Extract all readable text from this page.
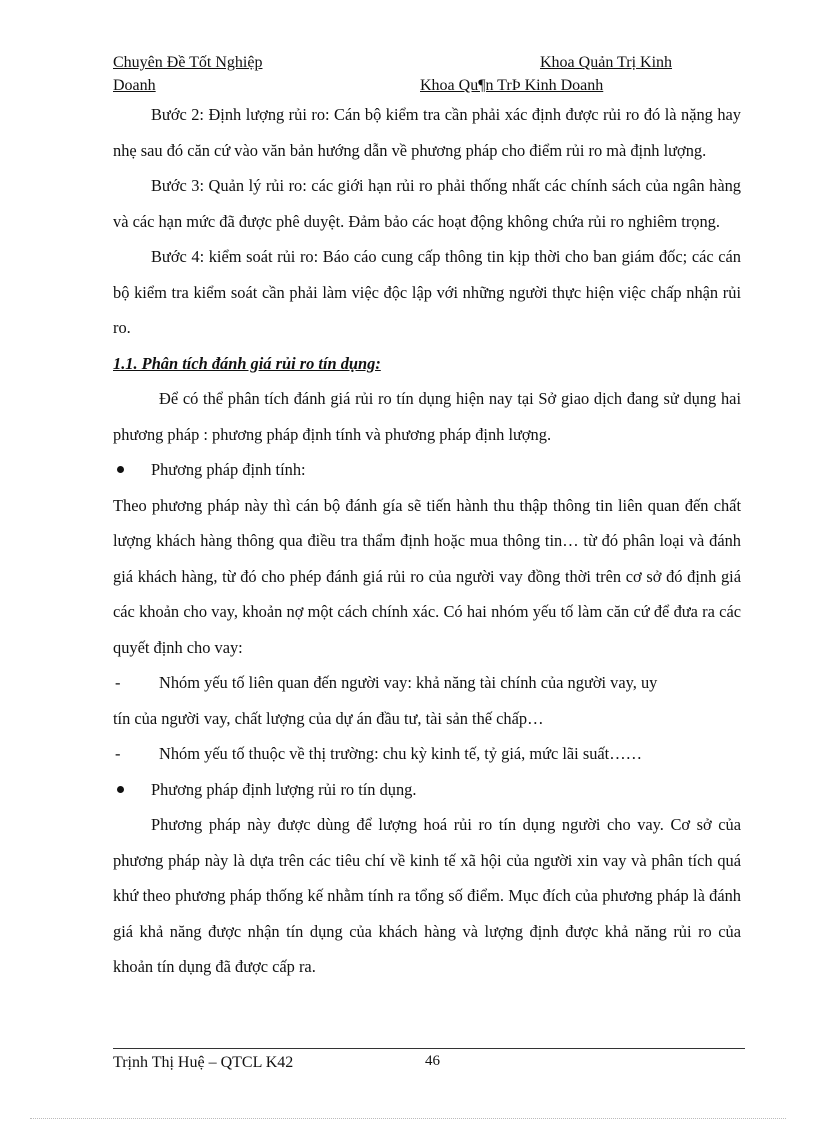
Chuyên Đề Tốt Nghiệp	Khoa Quản Trị Kinh
Doanh	Khoa Qu¶n TrÞ Kinh Doanh

Bước 2: Định lượng rủi ro: Cán bộ kiểm tra cần phải xác định được rủi ro đó là nặng hay nhẹ sau đó căn cứ vào văn bản hướng dẫn về phương pháp cho điểm rủi ro mà định lượng.

Bước 3: Quản lý rủi ro: các giới hạn rủi ro phải thống nhất các chính sách của ngân hàng và các hạn mức đã được phê duyệt. Đảm bảo các hoạt động không chứa rủi ro nghiêm trọng.

Bước 4: kiểm soát rủi ro: Báo cáo cung cấp thông tin kịp thời cho ban giám đốc; các cán bộ kiểm tra kiểm soát cần phải làm việc độc lập với những người thực hiện việc chấp nhận rủi ro.

1.1. Phân tích đánh giá rủi ro tín dụng:

Để có thể phân tích đánh giá rủi ro tín dụng hiện nay tại Sở giao dịch đang sử dụng hai phương pháp : phương pháp định tính và phương pháp định lượng.

Phương pháp định tính:

Theo phương pháp này thì cán bộ đánh gía sẽ tiến hành thu thập thông tin liên quan đến chất lượng khách hàng thông qua điều tra thẩm định hoặc mua thông tin… từ đó phân loại và đánh giá khách hàng, từ đó cho phép đánh giá rủi ro của người vay đồng thời trên cơ sở đó định giá các khoản cho vay, khoản nợ một cách chính xác. Có hai nhóm yếu tố làm căn cứ để đưa ra các quyết định cho vay:

- Nhóm yếu tố liên quan đến người vay: khả năng tài chính của người vay, uy

tín của người vay, chất lượng của dự án đầu tư, tài sản thế chấp…

- Nhóm yếu tố thuộc về thị trường: chu kỳ kinh tế, tỷ giá, mức lãi suất……

Phương pháp định lượng rủi ro tín dụng.

Phương pháp này được dùng để lượng hoá rủi ro tín dụng người cho vay. Cơ sở của phương pháp này là dựa trên các tiêu chí về kinh tế xã hội của người xin vay và phân tích quá khứ theo phương pháp thống kế nhằm tính ra tổng số điểm. Mục đích của phương pháp là đánh giá khả năng được nhận tín dụng của khách hàng và lượng định được khả năng rủi ro của khoản tín dụng đã được cấp ra.

Trịnh Thị Huệ – QTCL K42	46
